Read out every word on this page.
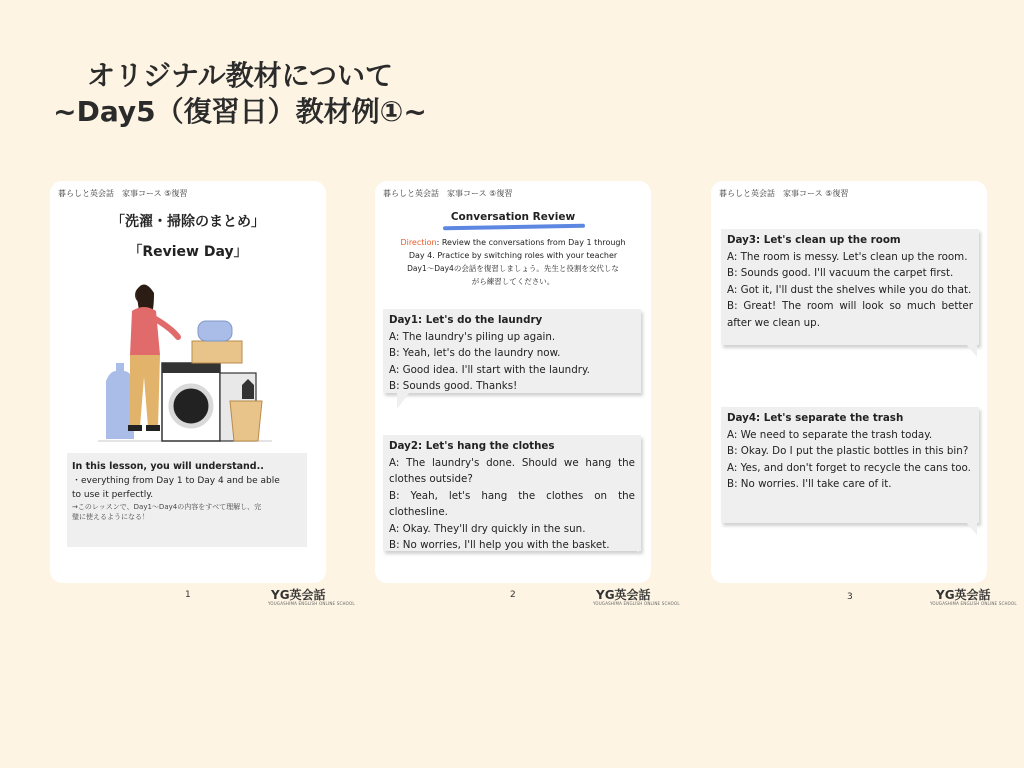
オリジナル教材について
~Day5（復習日）教材例①~
暮らしと英会話　家事コース ⑤復習
「洗濯・掃除のまとめ」
「Review Day」
In this lesson, you will understand..
・everything from Day 1 to Day 4 and be able
to use it perfectly.
→このレッスンで、Day1〜Day4の内容をすべて理解し、完
璧に使えるようになる！
暮らしと英会話　家事コース ⑤復習
Conversation Review
Direction: Review the conversations from Day 1 through
Day 4. Practice by switching roles with your teacher
Day1〜Day4の会話を復習しましょう。先生と役割を交代しな
がら練習してください。
Day1: Let's do the laundry

A: The laundry's piling up again.

B: Yeah, let's do the laundry now.

A: Good idea. I'll start with the laundry.

B: Sounds good. Thanks!

Day2: Let's hang the clothes

A: The laundry's done. Should we hang the clothes outside?

B: Yeah, let's hang the clothes on the clothesline.

A: Okay. They'll dry quickly in the sun.

B: No worries, I'll help you with the basket.

暮らしと英会話　家事コース ⑤復習
Day3: Let's clean up the room

A: The room is messy. Let's clean up the room.

B: Sounds good. I'll vacuum the carpet first.

A: Got it, I'll dust the shelves while you do that.

B: Great! The room will look so much better after we clean up.

Day4: Let's separate the trash

A: We need to separate the trash today.

B: Okay. Do I put the plastic bottles in this bin?

A: Yes, and don't forget to recycle the cans too.

B: No worries. I'll take care of it.

1	2	3
YG英会話
YOUGASHIMA ENGLISH ONLINE SCHOOL
YG英会話
YOUGASHIMA ENGLISH ONLINE SCHOOL
YG英会話
YOUGASHIMA ENGLISH ONLINE SCHOOL
